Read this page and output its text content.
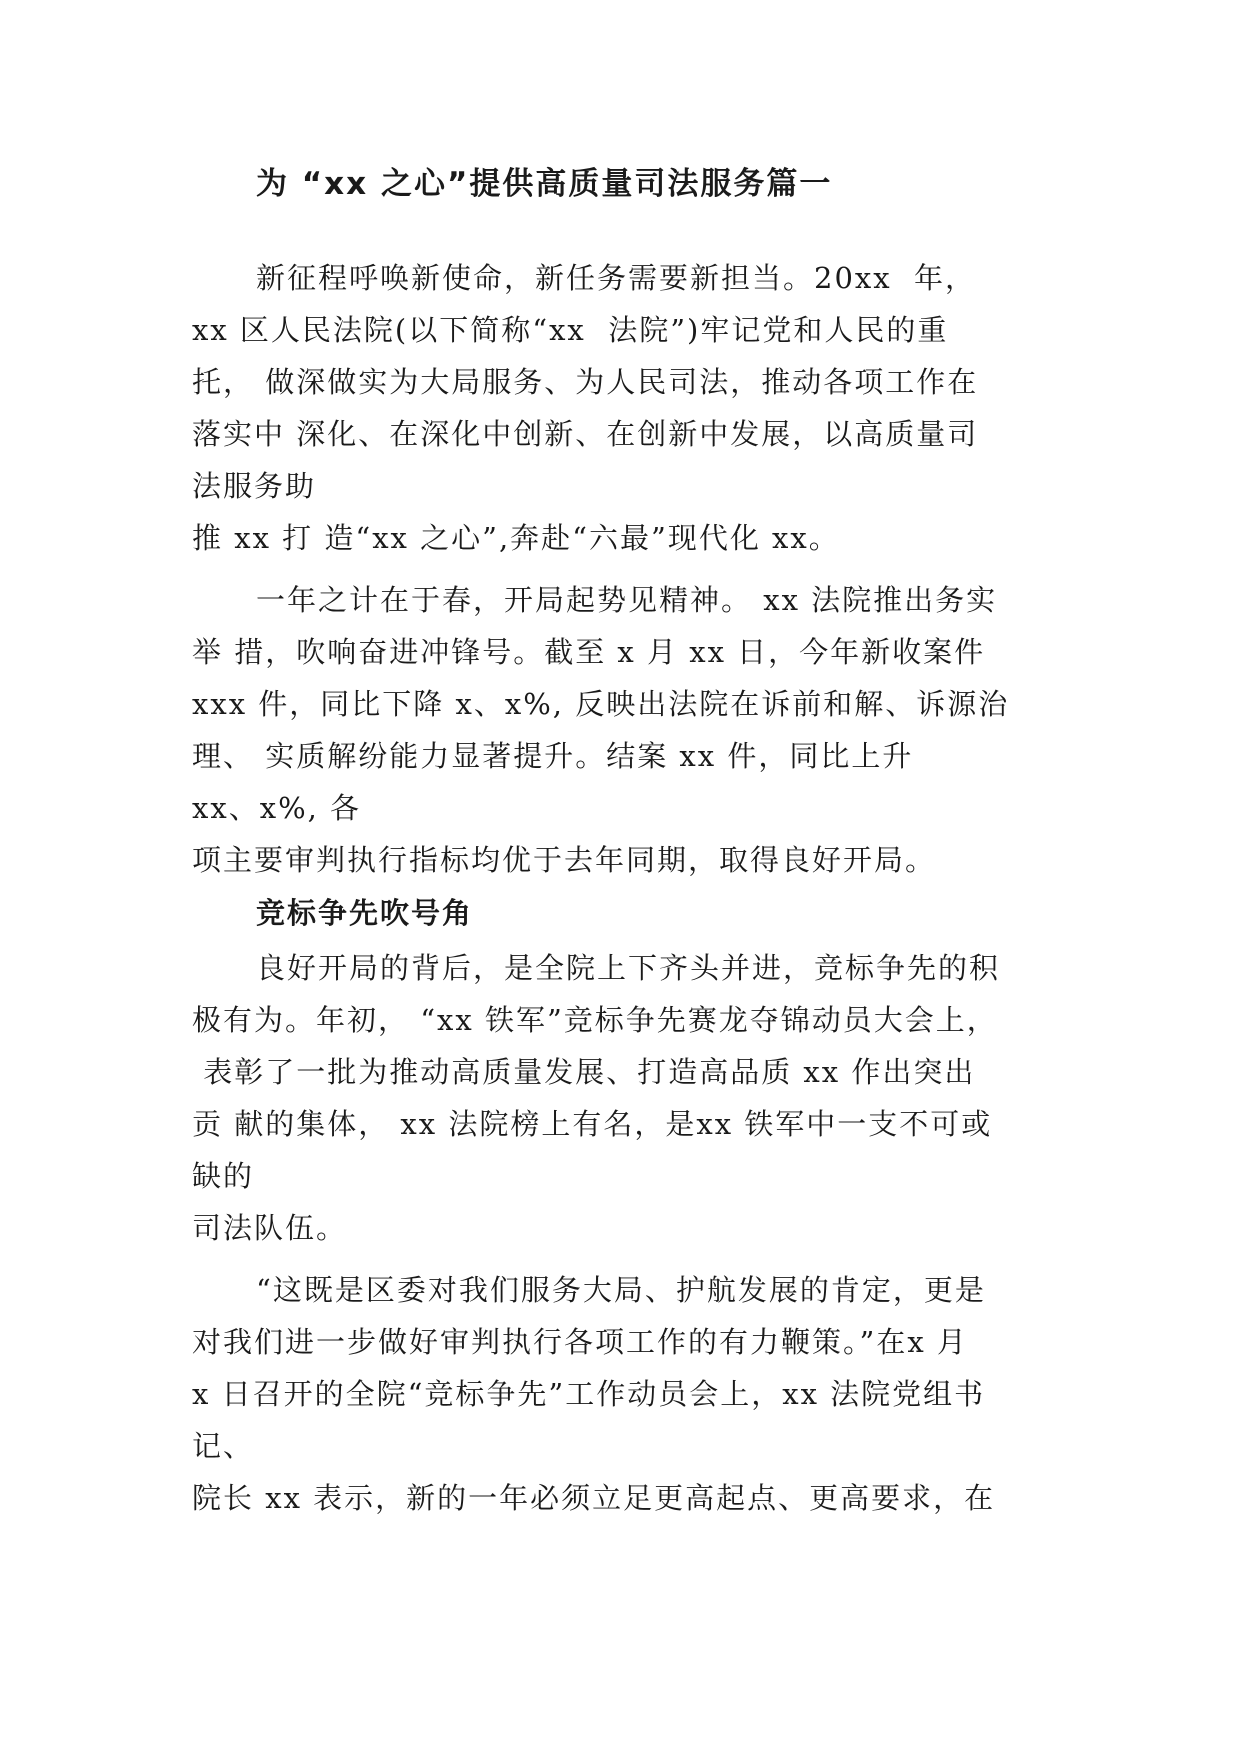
为 “xx 之心”提供高质量司法服务篇一
新征程呼唤新使命，新任务需要新担当。20xx  年，
xx 区人民法院(以下简称“xx  法院”)牢记党和人民的重
托， 做深做实为大局服务、为人民司法，推动各项工作在
落实中 深化、在深化中创新、在创新中发展，以高质量司
法服务助
推 xx 打 造“xx 之心”,奔赴“六最”现代化 xx。
一年之计在于春，开局起势见精神。 xx 法院推出务实
举 措，吹响奋进冲锋号。截至 x 月 xx 日，今年新收案件
xxx 件，同比下降 x、x%, 反映出法院在诉前和解、诉源治
理、 实质解纷能力显著提升。结案 xx 件，同比上升
xx、x%, 各
项主要审判执行指标均优于去年同期，取得良好开局。
竞标争先吹号角
良好开局的背后，是全院上下齐头并进，竞标争先的积
极有为。年初， “xx 铁军”竞标争先赛龙夺锦动员大会上，
表彰了一批为推动高质量发展、打造高品质 xx 作出突出
贡 献的集体， xx 法院榜上有名，是xx 铁军中一支不可或
缺的
司法队伍。
“这既是区委对我们服务大局、护航发展的肯定，更是
对我们进一步做好审判执行各项工作的有力鞭策。”在x 月
x 日召开的全院“竞标争先”工作动员会上，xx 法院党组书
记、
院长 xx 表示，新的一年必须立足更高起点、更高要求，在
